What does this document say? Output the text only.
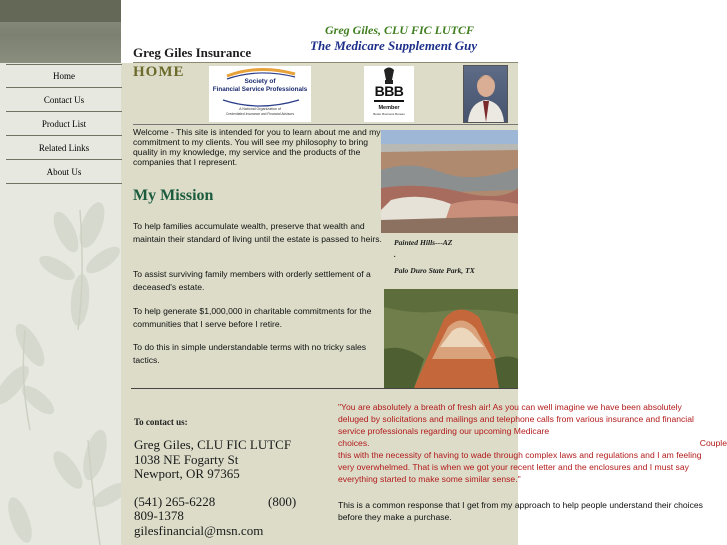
Greg Giles, CLU FIC LUTCF
The Medicare Supplement Guy
Greg Giles Insurance
Home
Contact Us
Product List
Related Links
About Us
HOME
Society of
Financial Service Professionals
A National Organization of
Credentialed Insurance and Financial Advisors
BBB
Member
Better Business Bureau
Welcome - This site is intended for you to learn about me and my commitment to my clients. You will see my philosophy to bring quality in my knowledge, my service and the products of the companies that I represent.
My Mission

To help families accumulate wealth, preserve that wealth and maintain their standard of living until the estate is passed to heirs.

To assist surviving family members with orderly settlement of a deceased's estate.

To help generate $1,000,000 in charitable commitments for the communities that I serve before I retire.

To do this in simple understandable terms with no tricky sales tactics.

Painted Hills---AZ
.
Palo Duro State Park, TX
To contact us:
Greg Giles, CLU FIC LUTCF
1038 NE Fogarty St
Newport, OR 97365
(541) 265-6228	(800)
809-1378
gilesfinancial@msn.com
"You are absolutely a breath of fresh air! As you can well imagine we have been absolutely deluged by solicitations and mailings and telephone calls from various insurance and financial service professionals regarding our upcoming Medicare
choices.	Couple
this with the necessity of having to wade through complex laws and regulations and I am feeling very overwhelmed. That is when we got your recent letter and the enclosures and I must say everything started to make some similar sense."
This is a common response that I get from my approach to help people understand their choices before they make a purchase.
